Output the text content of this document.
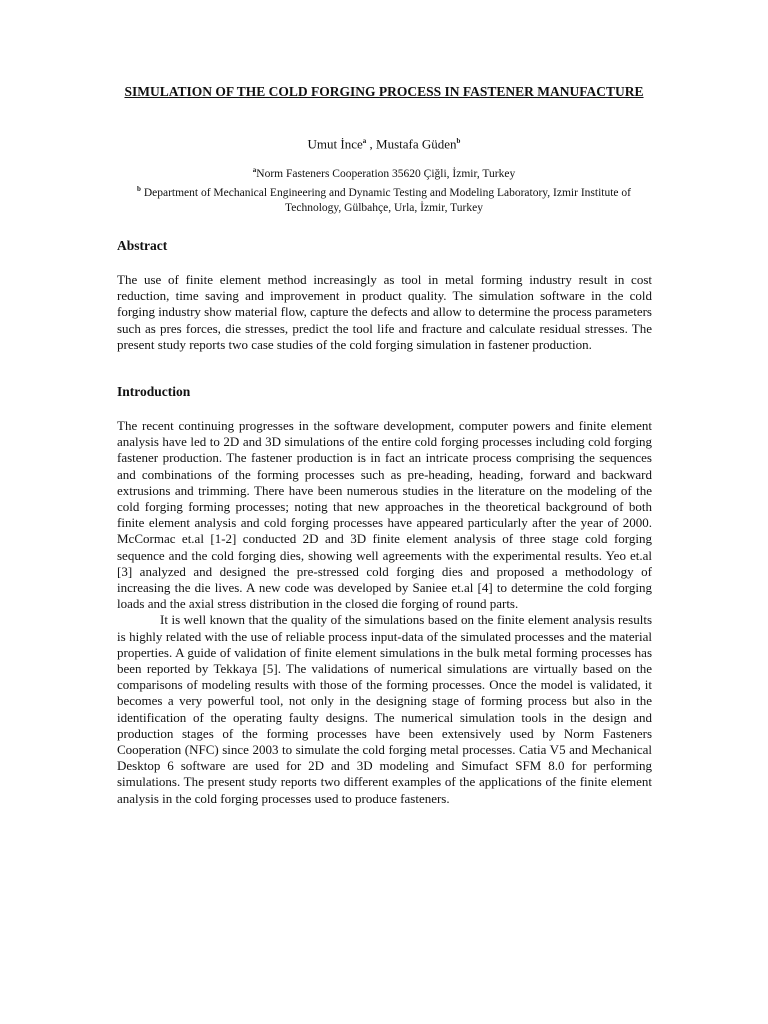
SIMULATION OF THE COLD FORGING PROCESS IN FASTENER MANUFACTURE
Umut İnce$^a$ , Mustafa Güden$^b$
$^a$Norm Fasteners Cooperation 35620 Çiğli, İzmir, Turkey
$^b$ Department of Mechanical Engineering and Dynamic Testing and Modeling Laboratory, Izmir Institute of Technology, Gülbahçe, Urla, İzmir, Turkey
Abstract

The use of finite element method increasingly as tool in metal forming industry result in cost reduction, time saving and improvement in product quality. The simulation software in the cold forging industry show material flow, capture the defects and allow to determine the process parameters such as pres forces, die stresses, predict the tool life and fracture and calculate residual stresses. The present study reports two case studies of the cold forging simulation in fastener production.

Introduction

The recent continuing progresses in the software development, computer powers and finite element analysis have led to 2D and 3D simulations of the entire cold forging processes including cold forging fastener production. The fastener production is in fact an intricate process comprising the sequences and combinations of the forming processes such as pre-heading, heading, forward and backward extrusions and trimming. There have been numerous studies in the literature on the modeling of the cold forging forming processes; noting that new approaches in the theoretical background of both finite element analysis and cold forging processes have appeared particularly after the year of 2000. McCormac et.al [1-2] conducted 2D and 3D finite element analysis of three stage cold forging sequence and the cold forging dies, showing well agreements with the experimental results. Yeo et.al [3] analyzed and designed the pre-stressed cold forging dies and proposed a methodology of increasing the die lives. A new code was developed by Saniee et.al [4] to determine the cold forging loads and the axial stress distribution in the closed die forging of round parts.

It is well known that the quality of the simulations based on the finite element analysis results is highly related with the use of reliable process input-data of the simulated processes and the material properties. A guide of validation of finite element simulations in the bulk metal forming processes has been reported by Tekkaya [5]. The validations of numerical simulations are virtually based on the comparisons of modeling results with those of the forming processes. Once the model is validated, it becomes a very powerful tool, not only in the designing stage of forming process but also in the identification of the operating faulty designs. The numerical simulation tools in the design and production stages of the forming processes have been extensively used by Norm Fasteners Cooperation (NFC) since 2003 to simulate the cold forging metal processes. Catia V5 and Mechanical Desktop 6 software are used for 2D and 3D modeling and Simufact SFM 8.0 for performing simulations. The present study reports two different examples of the applications of the finite element analysis in the cold forging processes used to produce fasteners.
